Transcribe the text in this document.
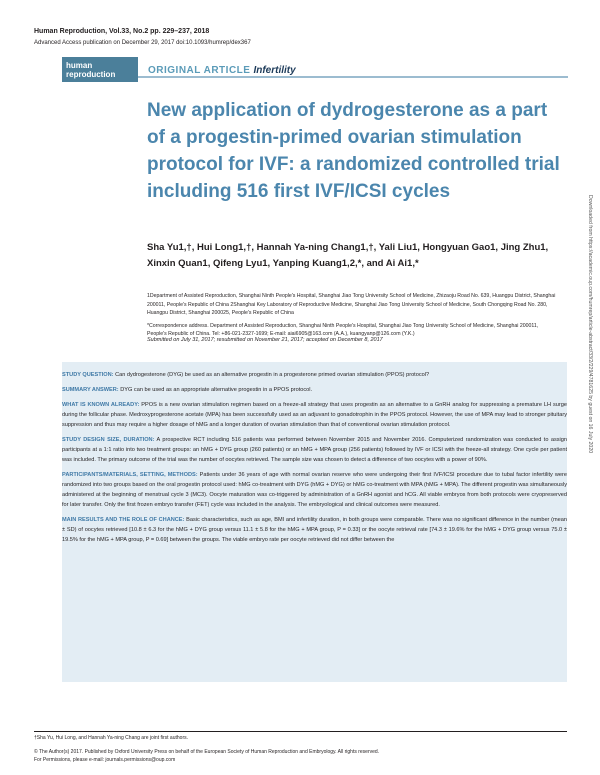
Human Reproduction, Vol.33, No.2 pp. 229–237, 2018
Advanced Access publication on December 29, 2017 doi:10.1093/humrep/dex367
human
reproduction	ORIGINAL ARTICLE Infertility
New application of dydrogesterone as a part of a progestin-primed ovarian stimulation protocol for IVF: a randomized controlled trial including 516 first IVF/ICSI cycles
Sha Yu1,†, Hui Long1,†, Hannah Ya-ning Chang1,†, Yali Liu1, Hongyuan Gao1, Jing Zhu1, Xinxin Quan1, Qifeng Lyu1, Yanping Kuang1,2,*, and Ai Ai1,*
1Department of Assisted Reproduction, Shanghai Ninth People's Hospital, Shanghai Jiao Tong University School of Medicine, Zhizaoju Road No. 639, Huangpu District, Shanghai 200011, People's Republic of China 2Shanghai Key Laboratory of Reproductive Medicine, Shanghai Jiao Tong University School of Medicine, South Chongqing Road No. 280, Huangpu District, Shanghai 200025, People's Republic of China
*Correspondence address. Department of Assisted Reproduction, Shanghai Ninth People's Hospital, Shanghai Jiao Tong University School of Medicine, Shanghai 200011, People's Republic of China. Tel: +86-021-2327-1699; E-mail: aiai6905@163.com (A.A.), kuangyanp@126.com (Y.K.)
Submitted on July 31, 2017; resubmitted on November 21, 2017; accepted on December 8, 2017

STUDY QUESTION: Can dydrogesterone (DYG) be used as an alternative progestin in a progesterone primed ovarian stimulation (PPOS) protocol?

SUMMARY ANSWER: DYG can be used as an appropriate alternative progestin in a PPOS protocol.

WHAT IS KNOWN ALREADY: PPOS is a new ovarian stimulation regimen based on a freeze-all strategy that uses progestin as an alternative to a GnRH analog for suppressing a premature LH surge during the follicular phase. Medroxyprogesterone acetate (MPA) has been successfully used as an adjuvant to gonadotrophin in the PPOS protocol. However, the use of MPA may lead to stronger pituitary suppression and thus may require a higher dosage of hMG and a longer duration of ovarian stimulation than that of conventional ovarian stimulation protocol.

STUDY DESIGN SIZE, DURATION: A prospective RCT including 516 patients was performed between November 2015 and November 2016. Computerized randomization was conducted to assign participants at a 1:1 ratio into two treatment groups: an hMG + DYG group (260 patients) or an hMG + MPA group (256 patients) followed by IVF or ICSI with the freeze-all strategy. One cycle per patient was included. The primary outcome of the trial was the number of oocytes retrieved. The sample size was chosen to detect a difference of two oocytes with a power of 90%.

PARTICIPANTS/MATERIALS, SETTING, METHODS: Patients under 36 years of age with normal ovarian reserve who were undergoing their first IVF/ICSI procedure due to tubal factor infertility were randomized into two groups based on the oral progestin protocol used: hMG co-treatment with DYG (hMG + DYG) or hMG co-treatment with MPA (hMG + MPA). The different progestin was simultaneously administered at the beginning of menstrual cycle 3 (MC3). Oocyte maturation was co-triggered by administration of a GnRH agonist and hCG. All viable embryos from both protocols were cryopreserved for later transfer. Only the first frozen embryo transfer (FET) cycle was included in the analysis. The embryological and clinical outcomes were measured.

MAIN RESULTS AND THE ROLE OF CHANCE: Basic characteristics, such as age, BMI and infertility duration, in both groups were comparable. There was no significant difference in the number (mean ± SD) of oocytes retrieved [10.8 ± 6.3 for the hMG + DYG group versus 11.1 ± 5.8 for the hMG + MPA group, P = 0.33] or the oocyte retrieval rate [74.3 ± 19.6% for the hMG + DYG group versus 75.0 ± 19.5% for the hMG + MPA group, P = 0.69] between the groups. The viable embryo rate per oocyte retrieved did not differ between the

†Sha Yu, Hui Long, and Hannah Ya-ning Chang are joint first authors.
© The Author(s) 2017. Published by Oxford University Press on behalf of the European Society of Human Reproduction and Embryology. All rights reserved.
For Permissions, please e-mail: journals.permissions@oup.com
Downloaded from https://academic.oup.com/humrep/article-abstract/33/2/229/4781625 by guest on 16 July 2020
